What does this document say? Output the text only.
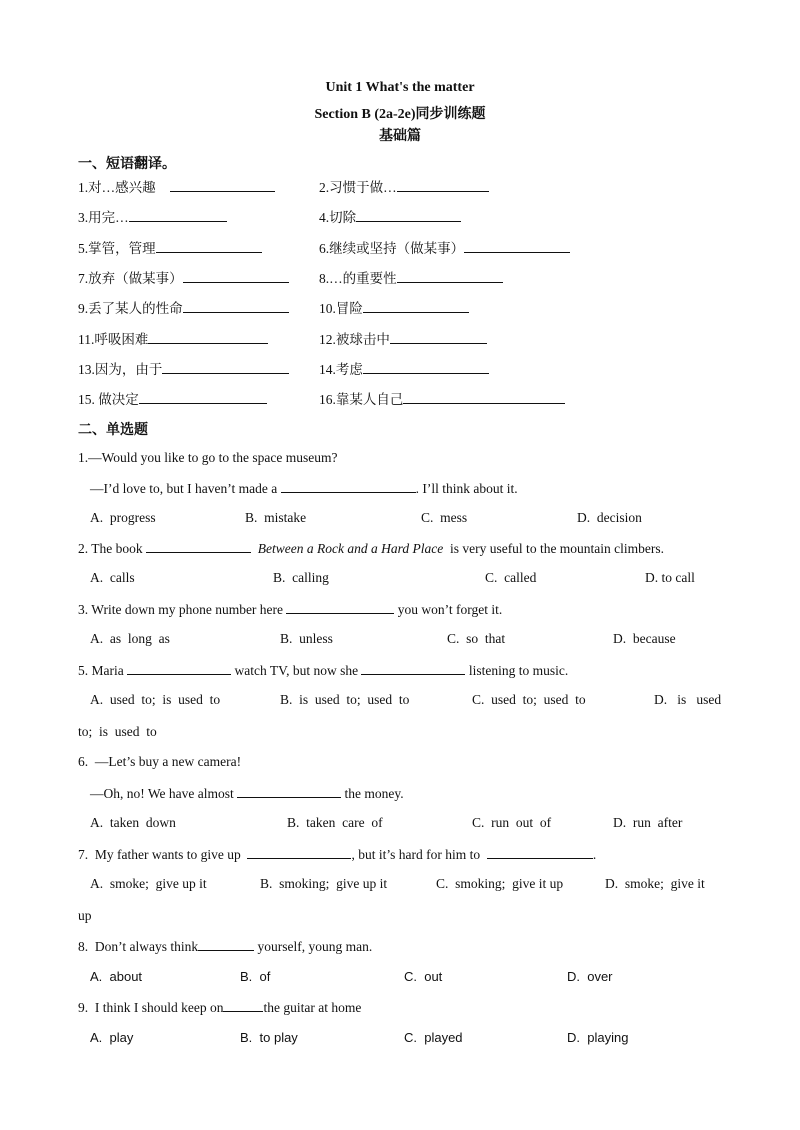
Unit 1 What's the matter
Section B (2a-2e)同步训练题
基础篇
一、短语翻译。
1.对…感兴趣	2.习惯于做…
3.用完…	4.切除
5.掌管，管理	6.继续或坚持（做某事）
7.放弃（做某事）	8.…的重要性
9.丢了某人的性命	10.冒险
11.呼吸困难	12.被球击中
13.因为，由于	14.考虑
15. 做决定	16.靠某人自己
二、单选题
1.—Would you like to go to the space museum?
—I’d love to, but I haven’t made a	. I’ll think about it.
A.  progress	B.  mistake	C.  mess	D.  decision
2. The book	Between a Rock and a Hard Place  is very useful to the mountain climbers.
A.  calls	B.  calling	C.  called	D. to call
3. Write down my phone number here	you won’t forget it.
A.  as  long  as	B.  unless	C.  so  that	D.  because
5. Maria	watch TV, but now she	listening to music.
A.  used  to;  is  used  to	B.  is  used  to;  used  to	C.  used  to;  used  to	D.   is   used
to;  is  used  to
6.  —Let’s buy a new camera!
—Oh, no! We have almost	the money.
A.  taken  down	B.  taken  care  of	C.  run  out  of	D.  run  after
7.  My father wants to give up	, but it’s hard for him to	.
A.  smoke;  give up it	B.  smoking;  give up it	C.  smoking;  give it up	D.  smoke;  give it
up
8.  Don’t always think	yourself, young man.
A.  about	B.  of	C.  out	D.  over
9.  I think I should keep on	the guitar at home
A.  play	B.  to play	C.  played	D.  playing
